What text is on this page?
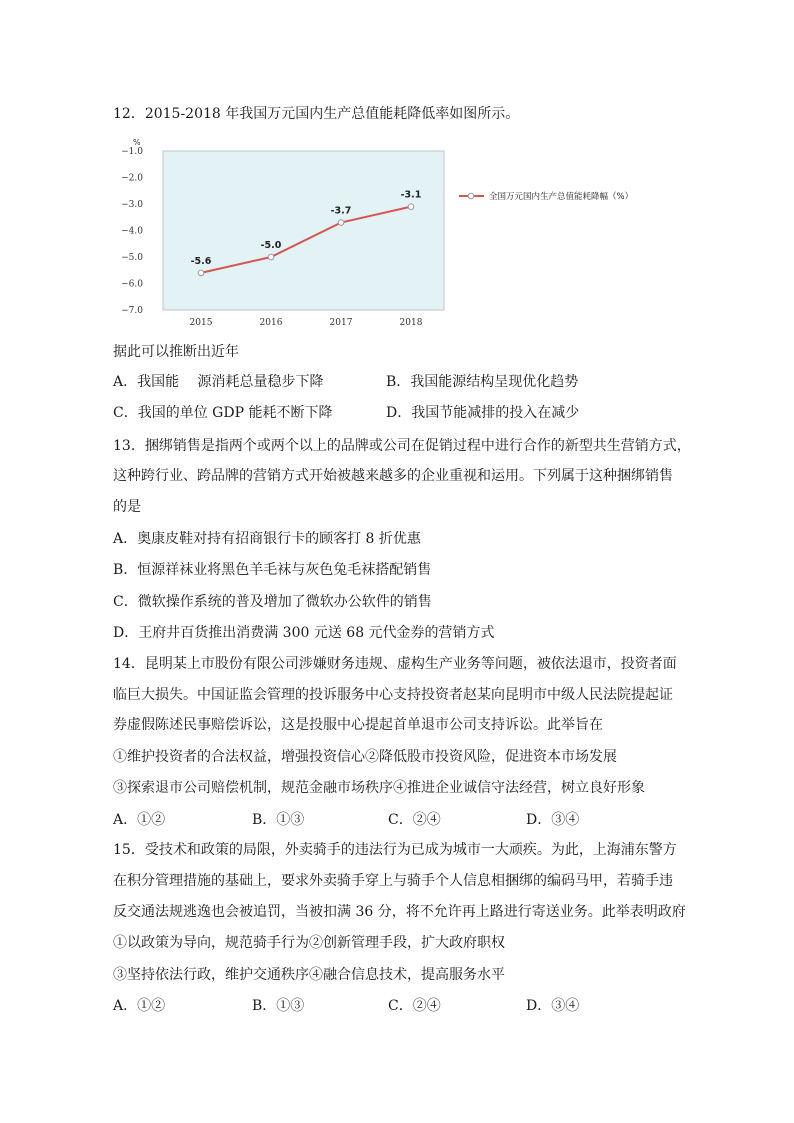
12．2015-2018 年我国万元国内生产总值能耗降低率如图所示。
%
−1.0
−2.0
−3.0
−4.0
−5.0
−6.0
−7.0
2015	2016	2017	2018
-5.6
-5.0
-3.7
-3.1	全国万元国内生产总值能耗降幅（%）
据此可以推断出近年
A．我国能　 源消耗总量稳步下降	B．我国能源结构呈现优化趋势
C．我国的单位 GDP 能耗不断下降	D．我国节能减排的投入在减少
13．捆绑销售是指两个或两个以上的品牌或公司在促销过程中进行合作的新型共生营销方式，
这种跨行业、跨品牌的营销方式开始被越来越多的企业重视和运用。下列属于这种捆绑销售
的是
A．奥康皮鞋对持有招商银行卡的顾客打 8 折优惠
B．恒源祥袜业将黑色羊毛袜与灰色兔毛袜搭配销售
C．微软操作系统的普及增加了微软办公软件的销售
D．王府井百货推出消费满 300 元送 68 元代金券的营销方式
14．昆明某上市股份有限公司涉嫌财务违规、虚构生产业务等问题，被依法退市，投资者面
临巨大损失。中国证监会管理的投诉服务中心支持投资者赵某向昆明市中级人民法院提起证
券虚假陈述民事赔偿诉讼，这是投服中心提起首单退市公司支持诉讼。此举旨在
①维护投资者的合法权益，增强投资信心②降低股市投资风险，促进资本市场发展
③探索退市公司赔偿机制，规范金融市场秩序④推进企业诚信守法经营，树立良好形象
A．①②	B．①③	C．②④	D．③④
15．受技术和政策的局限，外卖骑手的违法行为已成为城市一大顽疾。为此，上海浦东警方
在积分管理措施的基础上，要求外卖骑手穿上与骑手个人信息相捆绑的编码马甲，若骑手违
反交通法规逃逸也会被追罚，当被扣满 36 分，将不允许再上路进行寄送业务。此举表明政府
①以政策为导向，规范骑手行为②创新管理手段，扩大政府职权
③坚持依法行政，维护交通秩序④融合信息技术，提高服务水平
A．①②	B．①③	C．②④	D．③④
